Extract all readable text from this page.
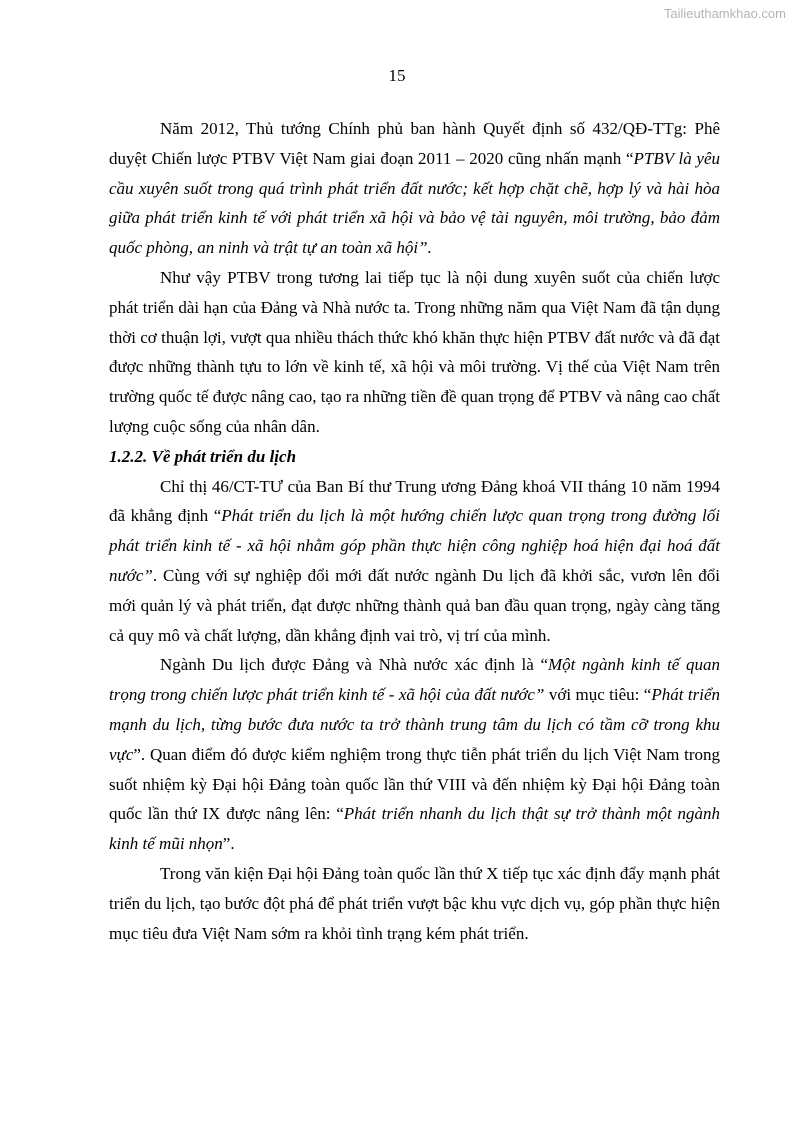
Tailieuthamkhao.com
15

Năm 2012, Thủ tướng Chính phủ ban hành Quyết định số 432/QĐ-TTg: Phê duyệt Chiến lược PTBV Việt Nam giai đoạn 2011 – 2020 cũng nhấn mạnh “PTBV là yêu cầu xuyên suốt trong quá trình phát triển đất nước; kết hợp chặt chẽ, hợp lý và hài hòa giữa phát triển kinh tế với phát triển xã hội và bảo vệ tài nguyên, môi trường, bảo đảm quốc phòng, an ninh và trật tự an toàn xã hội”.

Như vậy PTBV trong tương lai tiếp tục là nội dung xuyên suốt của chiến lược phát triển dài hạn của Đảng và Nhà nước ta. Trong những năm qua Việt Nam đã tận dụng thời cơ thuận lợi, vượt qua nhiều thách thức khó khăn thực hiện PTBV đất nước và đã đạt được những thành tựu to lớn về kinh tế, xã hội và môi trường. Vị thế của Việt Nam trên trường quốc tế được nâng cao, tạo ra những tiền đề quan trọng để PTBV và nâng cao chất lượng cuộc sống của nhân dân.

1.2.2. Về phát triển du lịch

Chỉ thị 46/CT-TƯ của Ban Bí thư Trung ương Đảng khoá VII tháng 10 năm 1994 đã khẳng định “Phát triển du lịch là một hướng chiến lược quan trọng trong đường lối phát triển kinh tế - xã hội nhằm góp phần thực hiện công nghiệp hoá hiện đại hoá đất nước”. Cùng với sự nghiệp đổi mới đất nước ngành Du lịch đã khởi sắc, vươn lên đổi mới quản lý và phát triển, đạt được những thành quả ban đầu quan trọng, ngày càng tăng cả quy mô và chất lượng, dần khẳng định vai trò, vị trí của mình.

Ngành Du lịch được Đảng và Nhà nước xác định là “Một ngành kinh tế quan trọng trong chiến lược phát triển kinh tế - xã hội của đất nước” với mục tiêu: “Phát triển mạnh du lịch, từng bước đưa nước ta trở thành trung tâm du lịch có tầm cỡ trong khu vực”. Quan điểm đó được kiểm nghiệm trong thực tiễn phát triển du lịch Việt Nam trong suốt nhiệm kỳ Đại hội Đảng toàn quốc lần thứ VIII và đến nhiệm kỳ Đại hội Đảng toàn quốc lần thứ IX được nâng lên: “Phát triển nhanh du lịch thật sự trở thành một ngành kinh tế mũi nhọn”.

Trong văn kiện Đại hội Đảng toàn quốc lần thứ X tiếp tục xác định đẩy mạnh phát triển du lịch, tạo bước đột phá để phát triển vượt bậc khu vực dịch vụ, góp phần thực hiện mục tiêu đưa Việt Nam sớm ra khỏi tình trạng kém phát triển.
